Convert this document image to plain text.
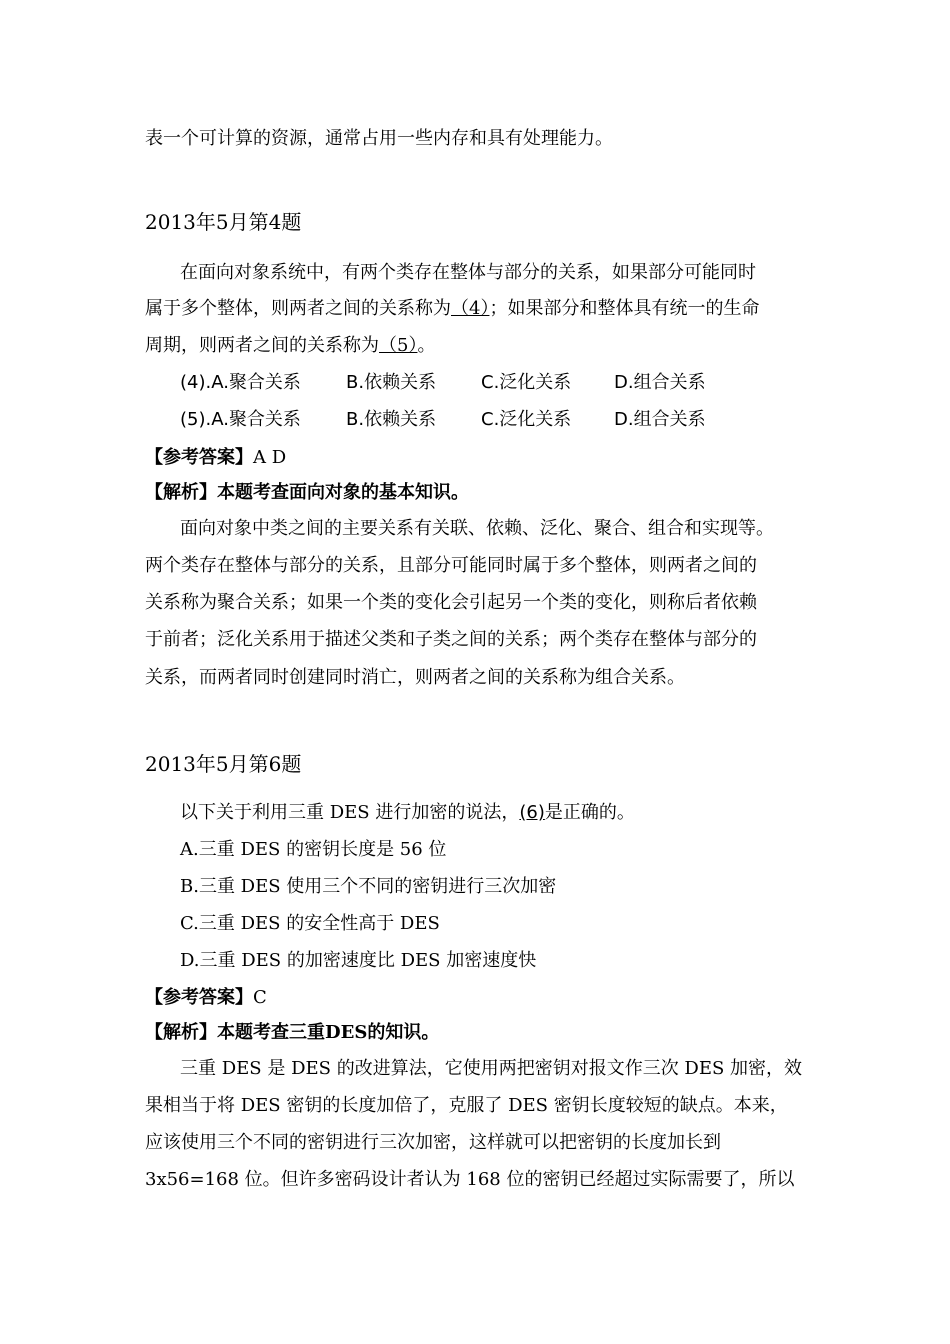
表一个可计算的资源，通常占用一些内存和具有处理能力。
2013年5月第4题
在面向对象系统中，有两个类存在整体与部分的关系，如果部分可能同时
属于多个整体，则两者之间的关系称为（4）；如果部分和整体具有统一的生命
周期，则两者之间的关系称为（5）。
(4).A.聚合关系	B.依赖关系 C.泛化关系 D.组合关系
(5).A.聚合关系	B.依赖关系 C.泛化关系 D.组合关系
【参考答案】A D
【解析】本题考查面向对象的基本知识。
面向对象中类之间的主要关系有关联、依赖、泛化、聚合、组合和实现等。
两个类存在整体与部分的关系，且部分可能同时属于多个整体，则两者之间的
关系称为聚合关系；如果一个类的变化会引起另一个类的变化，则称后者依赖
于前者；泛化关系用于描述父类和子类之间的关系；两个类存在整体与部分的
关系，而两者同时创建同时消亡，则两者之间的关系称为组合关系。
2013年5月第6题
以下关于利用三重 DES 进行加密的说法，(6)是正确的。
A.三重 DES 的密钥长度是 56 位
B.三重 DES 使用三个不同的密钥进行三次加密
C.三重 DES 的安全性高于 DES
D.三重 DES 的加密速度比 DES 加密速度快
【参考答案】C
【解析】本题考查三重DES的知识。
三重 DES 是 DES 的改进算法，它使用两把密钥对报文作三次 DES 加密，效
果相当于将 DES 密钥的长度加倍了，克服了 DES 密钥长度较短的缺点。本来，
应该使用三个不同的密钥进行三次加密，这样就可以把密钥的长度加长到
3x56=168 位。但许多密码设计者认为 168 位的密钥已经超过实际需要了，所以
